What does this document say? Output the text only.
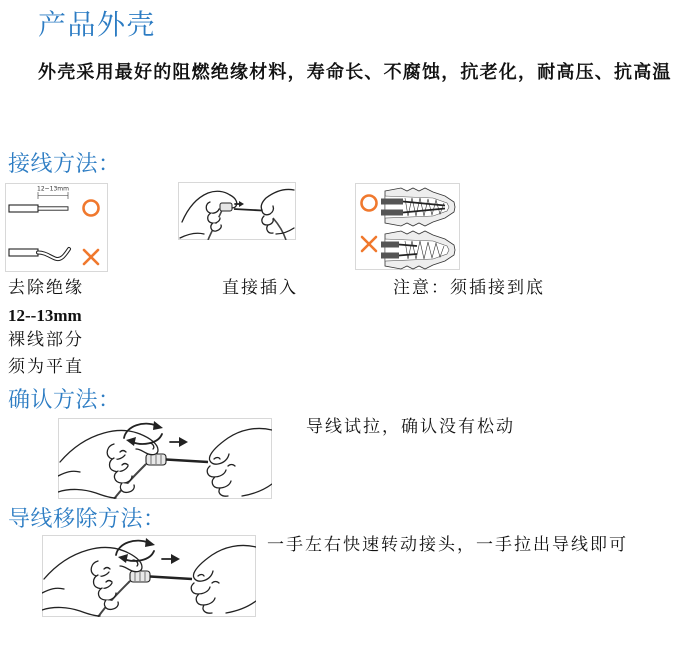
产品外壳

外壳采用最好的阻燃绝缘材料，寿命长、不腐蚀，抗老化，耐高压、抗高温

接线方法：
12~13mm
去除绝缘	直接插入	注意：须插接到底
12--13mm
裸线部分
须为平直
确认方法：
导线试拉，确认没有松动
导线移除方法：
一手左右快速转动接头，一手拉出导线即可
